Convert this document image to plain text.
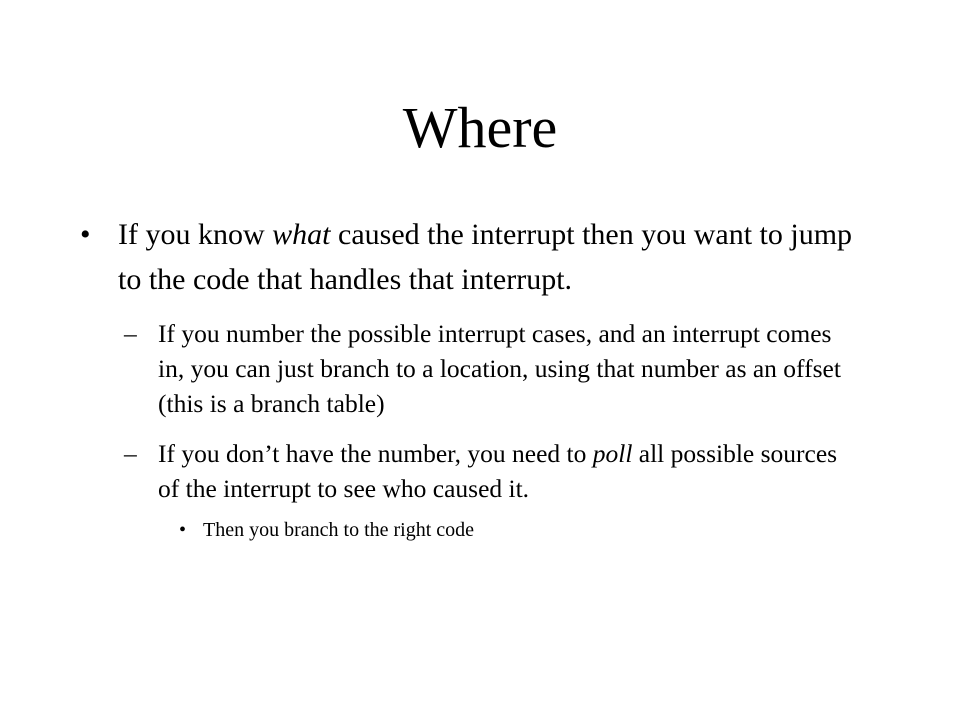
Where
• If you know what caused the interrupt then you want to jump to the code that handles that interrupt.
– If you number the possible interrupt cases, and an interrupt comes in, you can just branch to a location, using that number as an offset (this is a branch table)
– If you don’t have the number, you need to poll all possible sources of the interrupt to see who caused it.
• Then you branch to the right code
